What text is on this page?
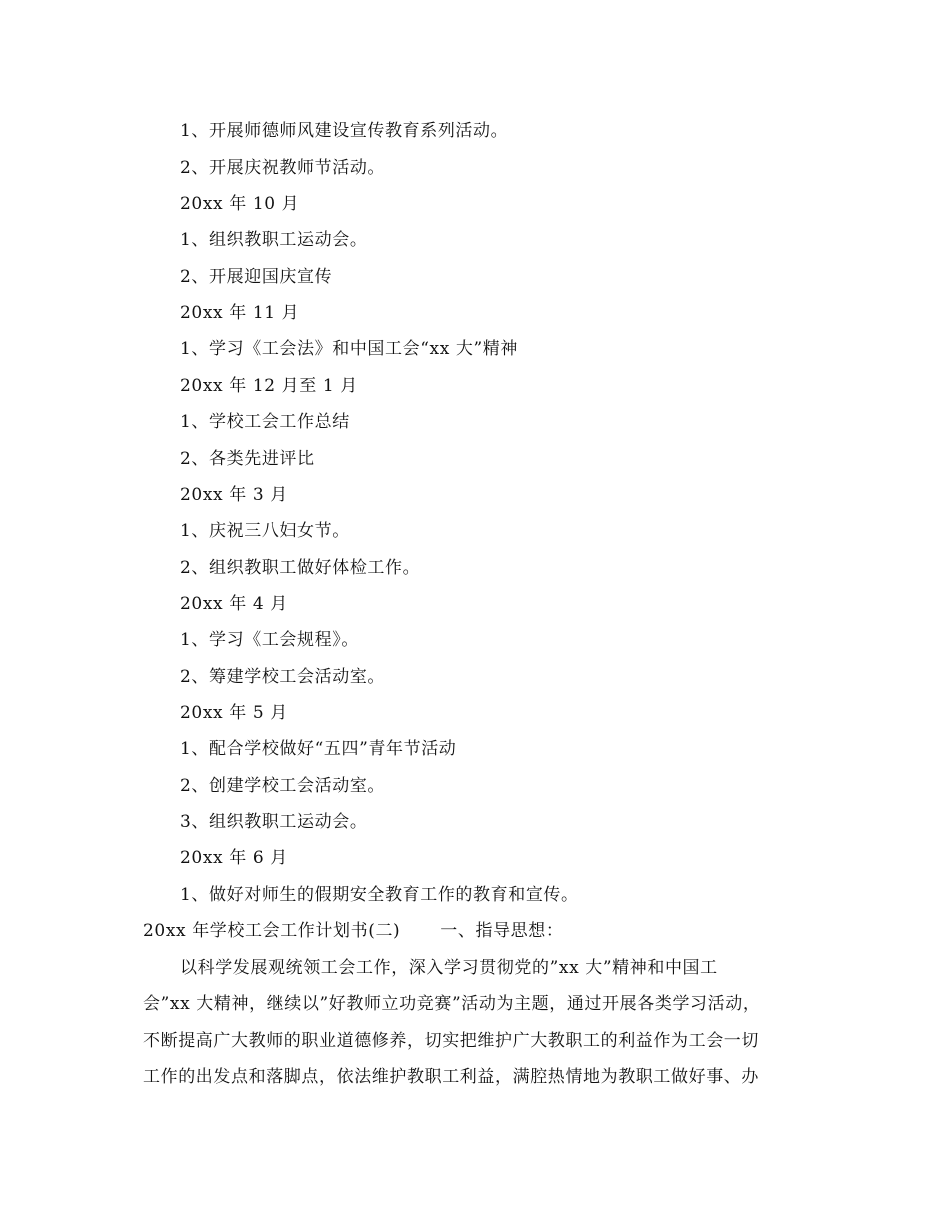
1、开展师德师风建设宣传教育系列活动。
2、开展庆祝教师节活动。
20xx 年 10 月
1、组织教职工运动会。
2、开展迎国庆宣传
20xx 年 11 月
1、学习《工会法》和中国工会“xx 大”精神
20xx 年 12 月至 1 月
1、学校工会工作总结
2、各类先进评比
20xx 年 3 月
1、庆祝三八妇女节。
2、组织教职工做好体检工作。
20xx 年 4 月
1、学习《工会规程》。
2、筹建学校工会活动室。
20xx 年 5 月
1、配合学校做好“五四”青年节活动
2、创建学校工会活动室。
3、组织教职工运动会。
20xx 年 6 月
1、做好对师生的假期安全教育工作的教育和宣传。
20xx 年学校工会工作计划书(二) 一、指导思想：
以科学发展观统领工会工作，深入学习贯彻党的”xx 大”精神和中国工
会”xx 大精神，继续以”好教师立功竞赛”活动为主题，通过开展各类学习活动，
不断提高广大教师的职业道德修养，切实把维护广大教职工的利益作为工会一切
工作的出发点和落脚点，依法维护教职工利益，满腔热情地为教职工做好事、办
